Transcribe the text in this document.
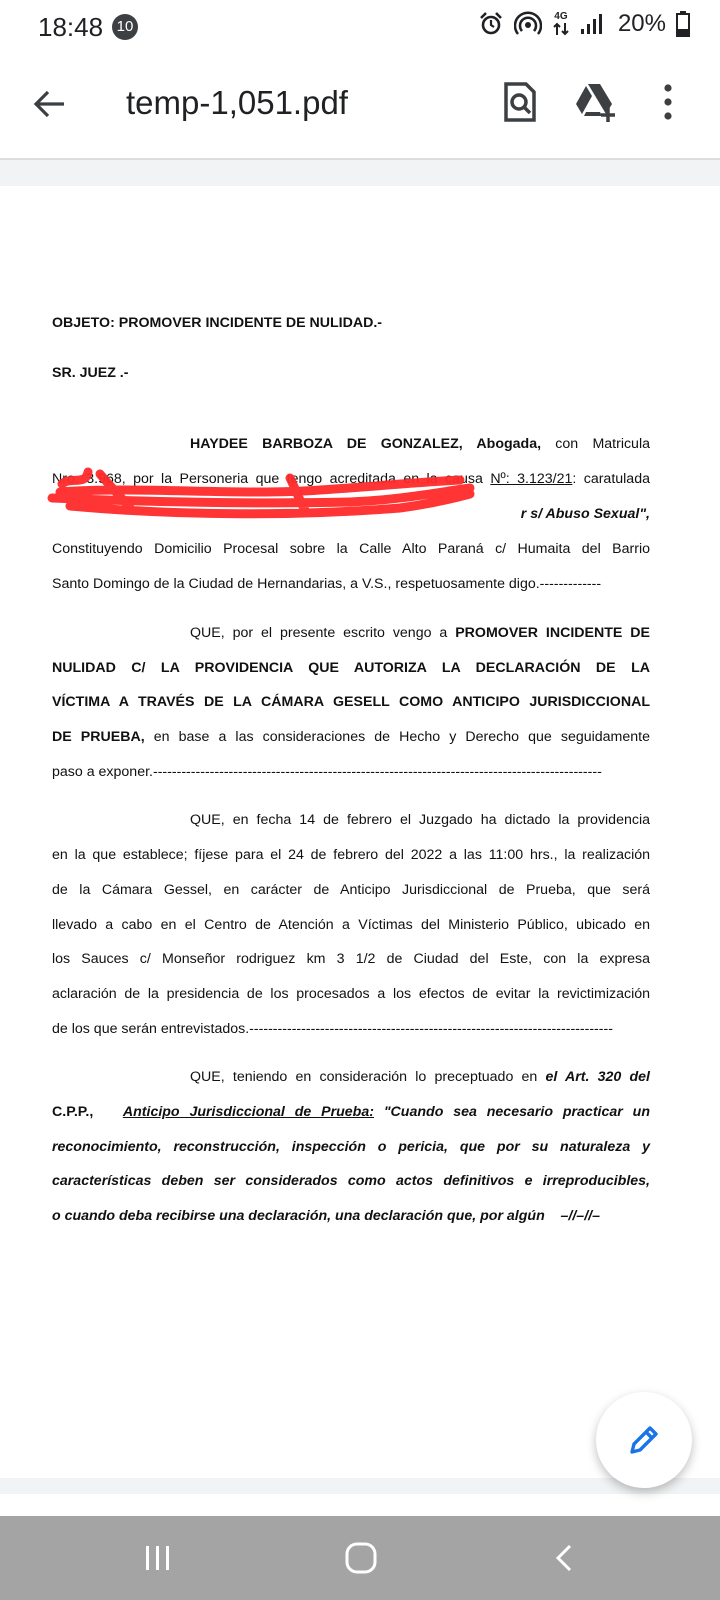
18:48 10
4G 20%
temp-1,051.pdf
OBJETO: PROMOVER INCIDENTE DE NULIDAD.-
SR. JUEZ .-
HAYDEE BARBOZA DE GONZALEZ, Abogada, con Matricula
Nro. 3.968, por la Personeria que tengo acreditada en la causa Nº: 3.123/21: caratulada
r s/ Abuso Sexual",
Constituyendo Domicilio Procesal sobre la Calle Alto Paraná c/ Humaita del Barrio
Santo Domingo de la Ciudad de Hernandarias, a V.S., respetuosamente digo.-------------
QUE, por el presente escrito vengo a PROMOVER INCIDENTE DE
NULIDAD C/ LA PROVIDENCIA QUE AUTORIZA LA DECLARACIÓN DE LA
VÍCTIMA A TRAVÉS DE LA CÁMARA GESELL COMO ANTICIPO JURISDICCIONAL
DE PRUEBA, en base a las consideraciones de Hecho y Derecho que seguidamente
paso a exponer.-----------------------------------------------------------------------------------------------
QUE, en fecha 14 de febrero el Juzgado ha dictado la providencia
en la que establece; fíjese para el 24 de febrero del 2022 a las 11:00 hrs., la realización
de la Cámara Gessel, en carácter de Anticipo Jurisdiccional de Prueba, que será
llevado a cabo en el Centro de Atención a Víctimas del Ministerio Público, ubicado en
los Sauces c/ Monseñor rodriguez km 3 1/2 de Ciudad del Este, con la expresa
aclaración de la presidencia de los procesados a los efectos de evitar la revictimización
de los que serán entrevistados.-----------------------------------------------------------------------------
QUE, teniendo en consideración lo preceptuado en el Art. 320 del
C.P.P., Anticipo Jurisdiccional de Prueba: "Cuando sea necesario practicar un
reconocimiento, reconstrucción, inspección o pericia, que por su naturaleza y
características deben ser considerados como actos definitivos e irreproducibles,
o cuando deba recibirse una declaración, una declaración que, por algún –//–//–
